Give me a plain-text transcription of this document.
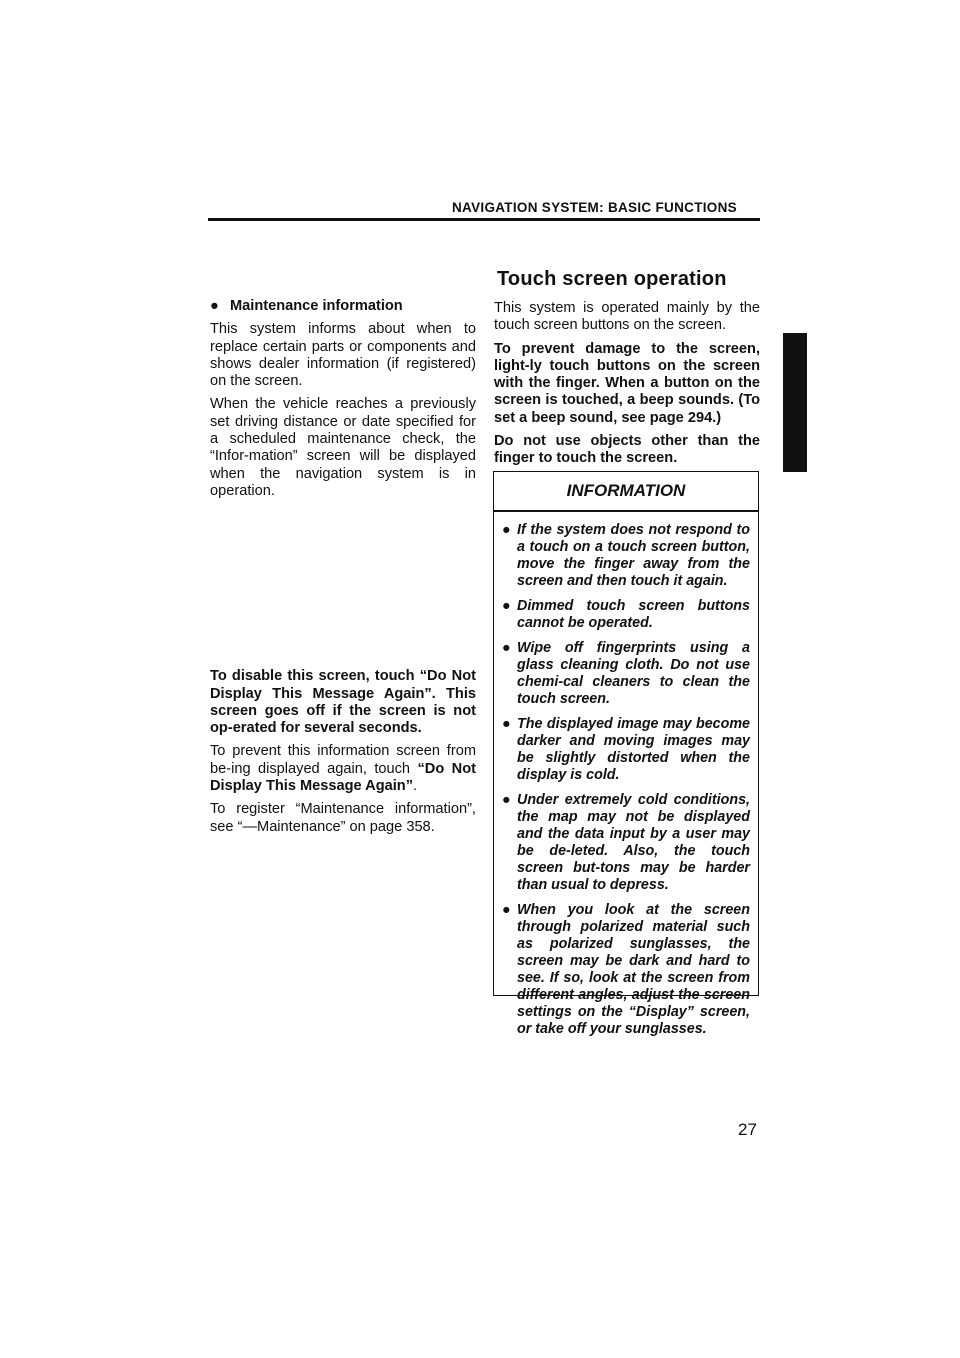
NAVIGATION SYSTEM: BASIC FUNCTIONS
Touch screen operation
● Maintenance information

This system informs about when to replace certain parts or components and shows dealer information (if registered) on the screen.

When the vehicle reaches a previously set driving distance or date specified for a scheduled maintenance check, the “Infor-mation” screen will be displayed when the navigation system is in operation.

To disable this screen, touch “Do Not Display This Message Again”. This screen goes off if the screen is not op-erated for several seconds.

To prevent this information screen from be-ing displayed again, touch “Do Not Display This Message Again”.

To register “Maintenance information”, see “—Maintenance” on page 358.

This system is operated mainly by the touch screen buttons on the screen.

To prevent damage to the screen, light-ly touch buttons on the screen with the finger. When a button on the screen is touched, a beep sounds. (To set a beep sound, see page 294.)

Do not use objects other than the finger to touch the screen.

INFORMATION
● If the system does not respond to a touch on a touch screen button, move the finger away from the screen and then touch it again.
● Dimmed touch screen buttons cannot be operated.
● Wipe off fingerprints using a glass cleaning cloth. Do not use chemi-cal cleaners to clean the touch screen.
● The displayed image may become darker and moving images may be slightly distorted when the display is cold.
● Under extremely cold conditions, the map may not be displayed and the data input by a user may be de-leted. Also, the touch screen but-tons may be harder than usual to depress.
● When you look at the screen through polarized material such as polarized sunglasses, the screen may be dark and hard to see. If so, look at the screen from different angles, adjust the screen settings on the “Display” screen, or take off your sunglasses.
27
